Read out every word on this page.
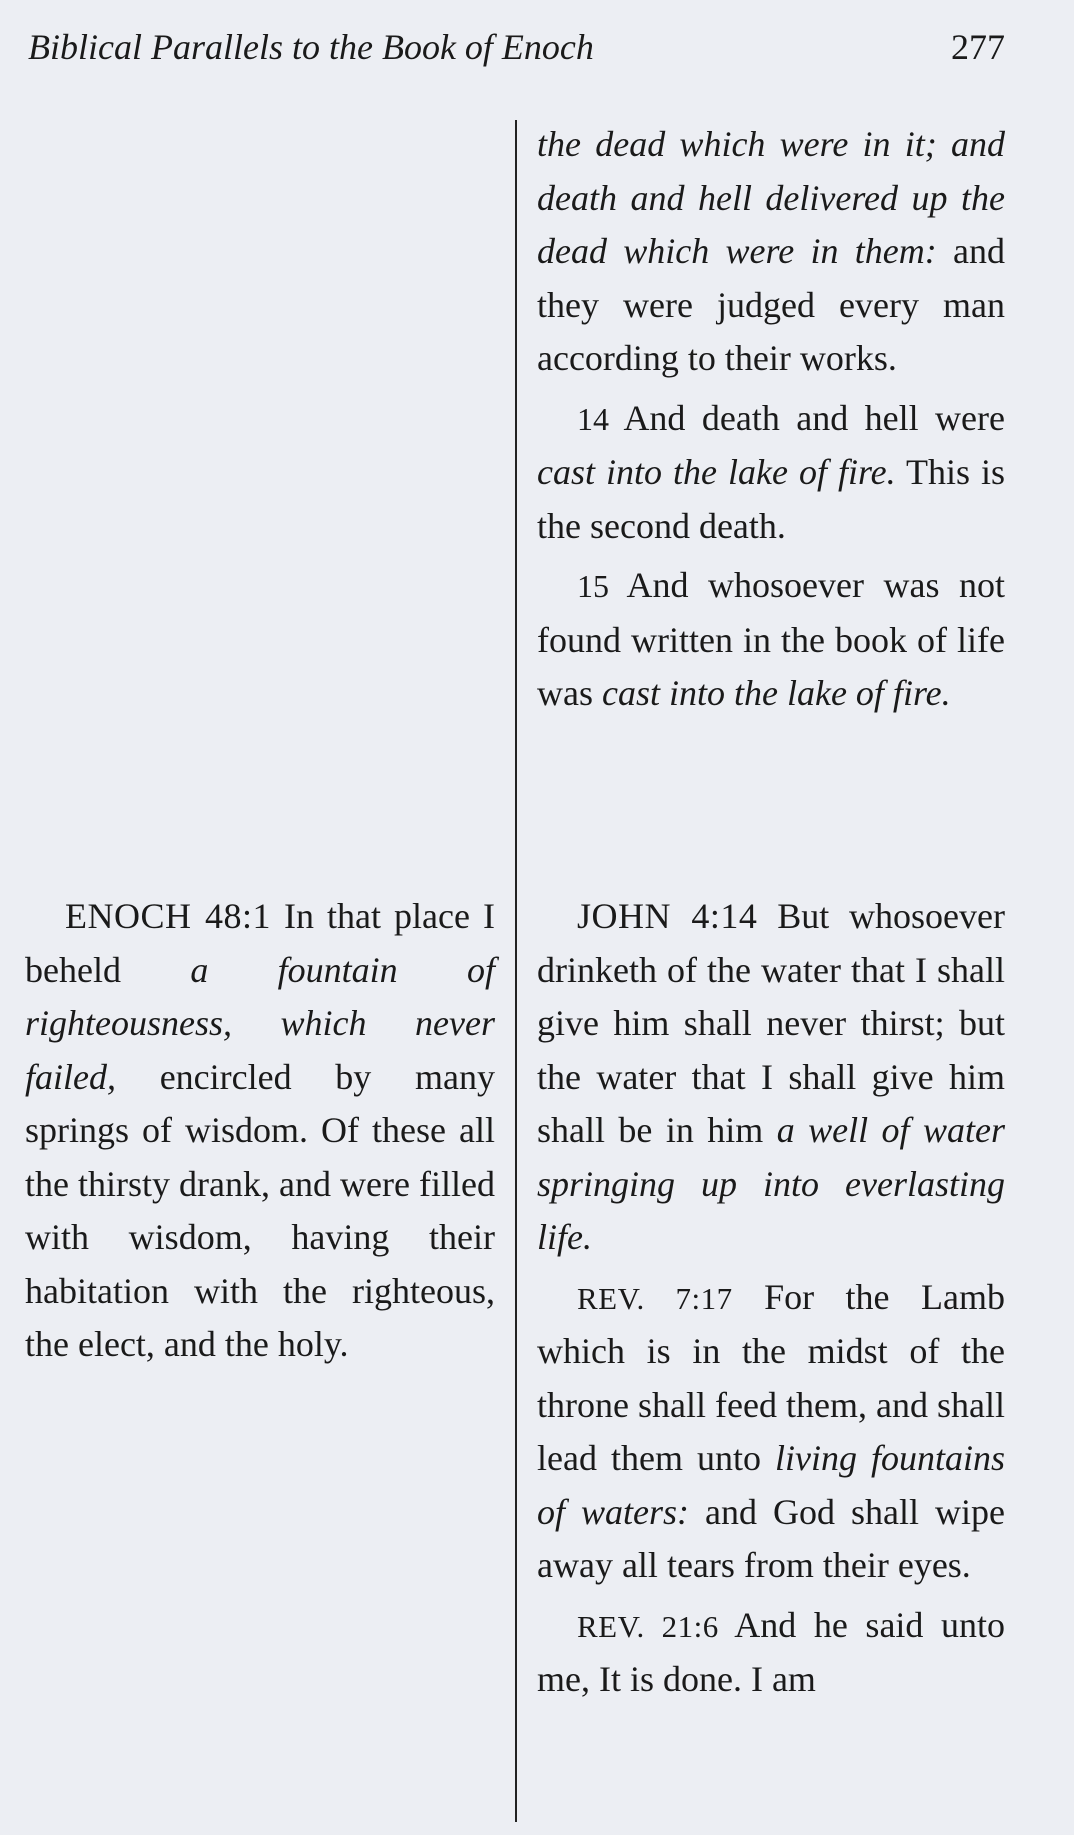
Biblical Parallels to the Book of Enoch	277

the dead which were in it; and death and hell delivered up the dead which were in them: and they were judged every man according to their works.

14 And death and hell were cast into the lake of fire. This is the second death.

15 And whosoever was not found written in the book of life was cast into the lake of fire.

ENOCH 48:1 In that place I beheld a fountain of righteousness, which never failed, encircled by many springs of wisdom. Of these all the thirsty drank, and were filled with wisdom, having their habitation with the righteous, the elect, and the holy.

JOHN 4:14 But whosoever drinketh of the water that I shall give him shall never thirst; but the water that I shall give him shall be in him a well of water springing up into everlasting life.

REV. 7:17 For the Lamb which is in the midst of the throne shall feed them, and shall lead them unto living fountains of waters: and God shall wipe away all tears from their eyes.

REV. 21:6 And he said unto me, It is done. I am
